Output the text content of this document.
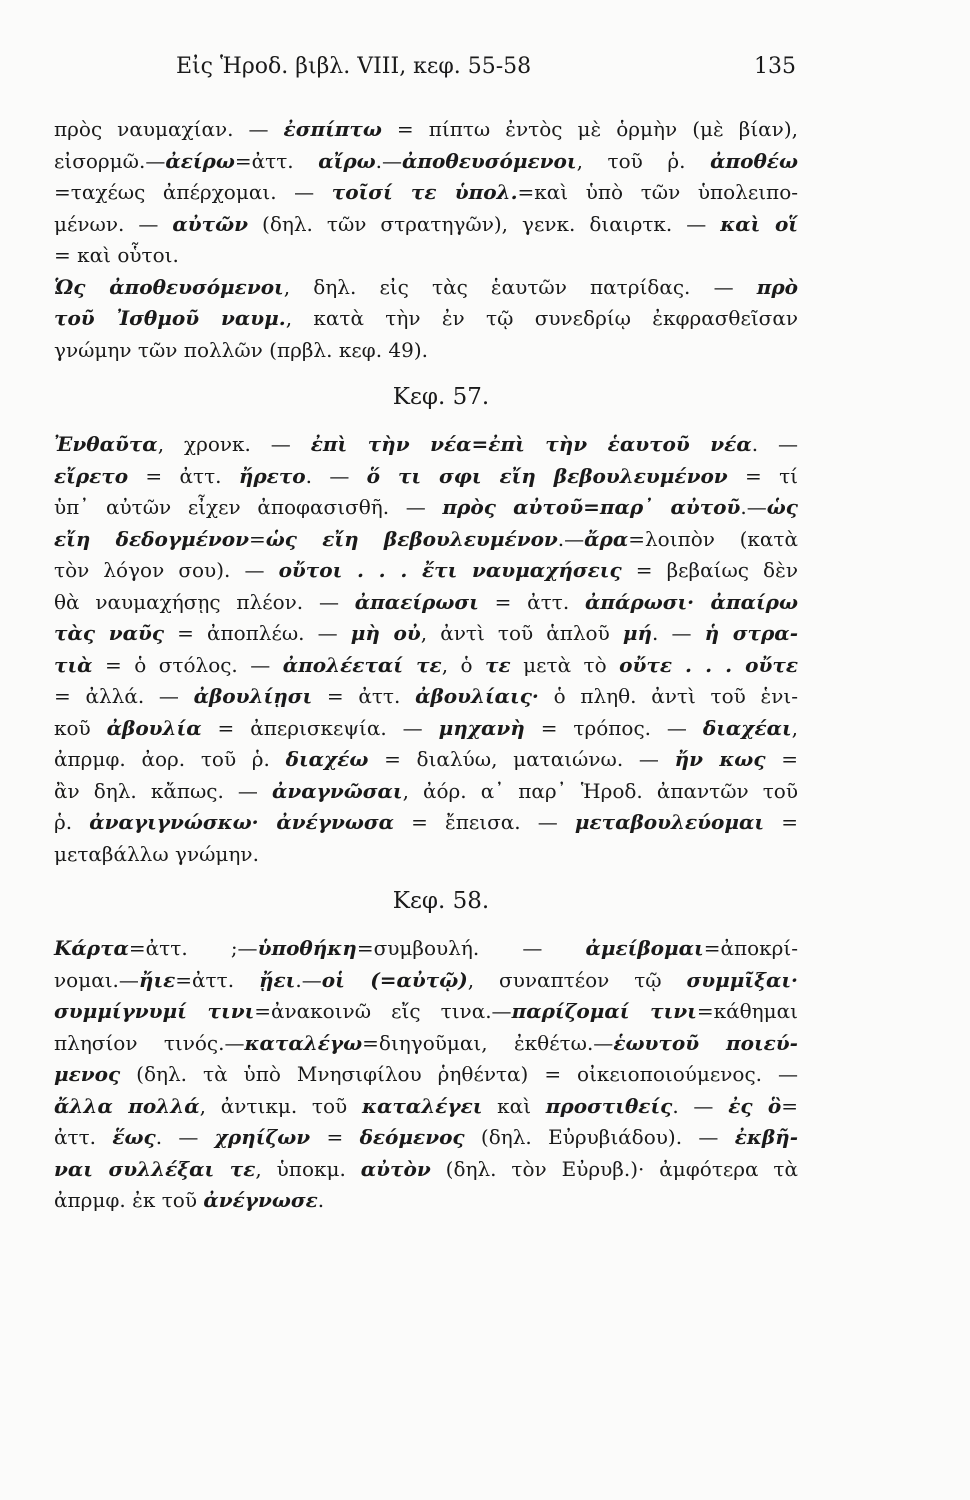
Εἰς Ἡροδ. βιβλ. VIII, κεφ. 55-58	135
πρὸς ναυμαχίαν. — ἐσπίπτω = πίπτω ἐντὸς μὲ ὁρμὴν (μὲ βίαν),
εἰσορμῶ.—ἀείρω=ἀττ. αἴρω.—ἀποθευσόμενοι, τοῦ ῥ. ἀποθέω
=ταχέως ἀπέρχομαι. — τοῖσί τε ὑπολ.=καὶ ὑπὸ τῶν ὑπολειπο-
μένων. — αὐτῶν (δηλ. τῶν στρατηγῶν), γενκ. διαιρτκ. — καὶ οἵ
= καὶ οὗτοι.
Ὡς ἀποθευσόμενοι, δηλ. εἰς τὰς ἑαυτῶν πατρίδας. — πρὸ
τοῦ Ἰσθμοῦ ναυμ., κατὰ τὴν ἐν τῷ συνεδρίῳ ἐκφρασθεῖσαν
γνώμην τῶν πολλῶν (πρβλ. κεφ. 49).
Κεφ. 57.
Ἐνθαῦτα, χρονκ. — ἐπὶ τὴν νέα=ἐπὶ τὴν ἑαυτοῦ νέα. —
εἴρετο = ἀττ. ἤρετο. — ὅ τι σφι εἴη βεβουλευμένον = τί
ὑπ᾽ αὐτῶν εἶχεν ἀποφασισθῆ. — πρὸς αὐτοῦ=παρ᾽ αὐτοῦ.—ὡς
εἴη δεδογμένον=ὡς εἴη βεβουλευμένον.—ἄρα=λοιπὸν (κατὰ
τὸν λόγον σου). — οὔτοι . . . ἔτι ναυμαχήσεις = βεβαίως δὲν
θὰ ναυμαχήσῃς πλέον. — ἀπαείρωσι = ἀττ. ἀπάρωσι· ἀπαίρω
τὰς ναῦς = ἀποπλέω. — μὴ οὐ, ἀντὶ τοῦ ἁπλοῦ μή. — ἡ στρα-
τιὰ = ὁ στόλος. — ἀπολέεταί τε, ὁ τε μετὰ τὸ οὔτε . . . οὔτε
= ἀλλά. — ἀβουλίῃσι = ἀττ. ἀβουλίαις· ὁ πληθ. ἀντὶ τοῦ ἑνι-
κοῦ ἀβουλία = ἀπερισκεψία. — μηχανὴ = τρόπος. — διαχέαι,
ἀπρμφ. ἀορ. τοῦ ῥ. διαχέω = διαλύω, ματαιώνω. — ἤν κως =
ἂν δηλ. κἄπως. — ἀναγνῶσαι, ἀόρ. α᾽ παρ᾽ Ἡροδ. ἀπαντῶν τοῦ
ῥ. ἀναγιγνώσκω· ἀνέγνωσα = ἔπεισα. — μεταβουλεύομαι =
μεταβάλλω γνώμην.
Κεφ. 58.
Κάρτα=ἀττ. ;—ὑποθήκη=συμβουλή. — ἀμείβομαι=ἀποκρί-
νομαι.—ἤιε=ἀττ. ᾔει.—οἱ (=αὐτῷ), συναπτέον τῷ συμμῖξαι·
συμμίγνυμί τινι=ἀνακοινῶ εἴς τινα.—παρίζομαί τινι=κάθημαι
πλησίον τινός.—καταλέγω=διηγοῦμαι, ἐκθέτω.—ἑωυτοῦ ποιεύ-
μενος (δηλ. τὰ ὑπὸ Μνησιφίλου ῥηθέντα) = οἰκειοποιούμενος. —
ἄλλα πολλά, ἀντικμ. τοῦ καταλέγει καὶ προστιθείς. — ἐς ὃ=
ἀττ. ἕως. — χρηίζων = δεόμενος (δηλ. Εὐρυβιάδου). — ἐκβῆ-
ναι συλλέξαι τε, ὑποκμ. αὐτὸν (δηλ. τὸν Εὐρυβ.)· ἀμφότερα τὰ
ἀπρμφ. ἐκ τοῦ ἀνέγνωσε.
